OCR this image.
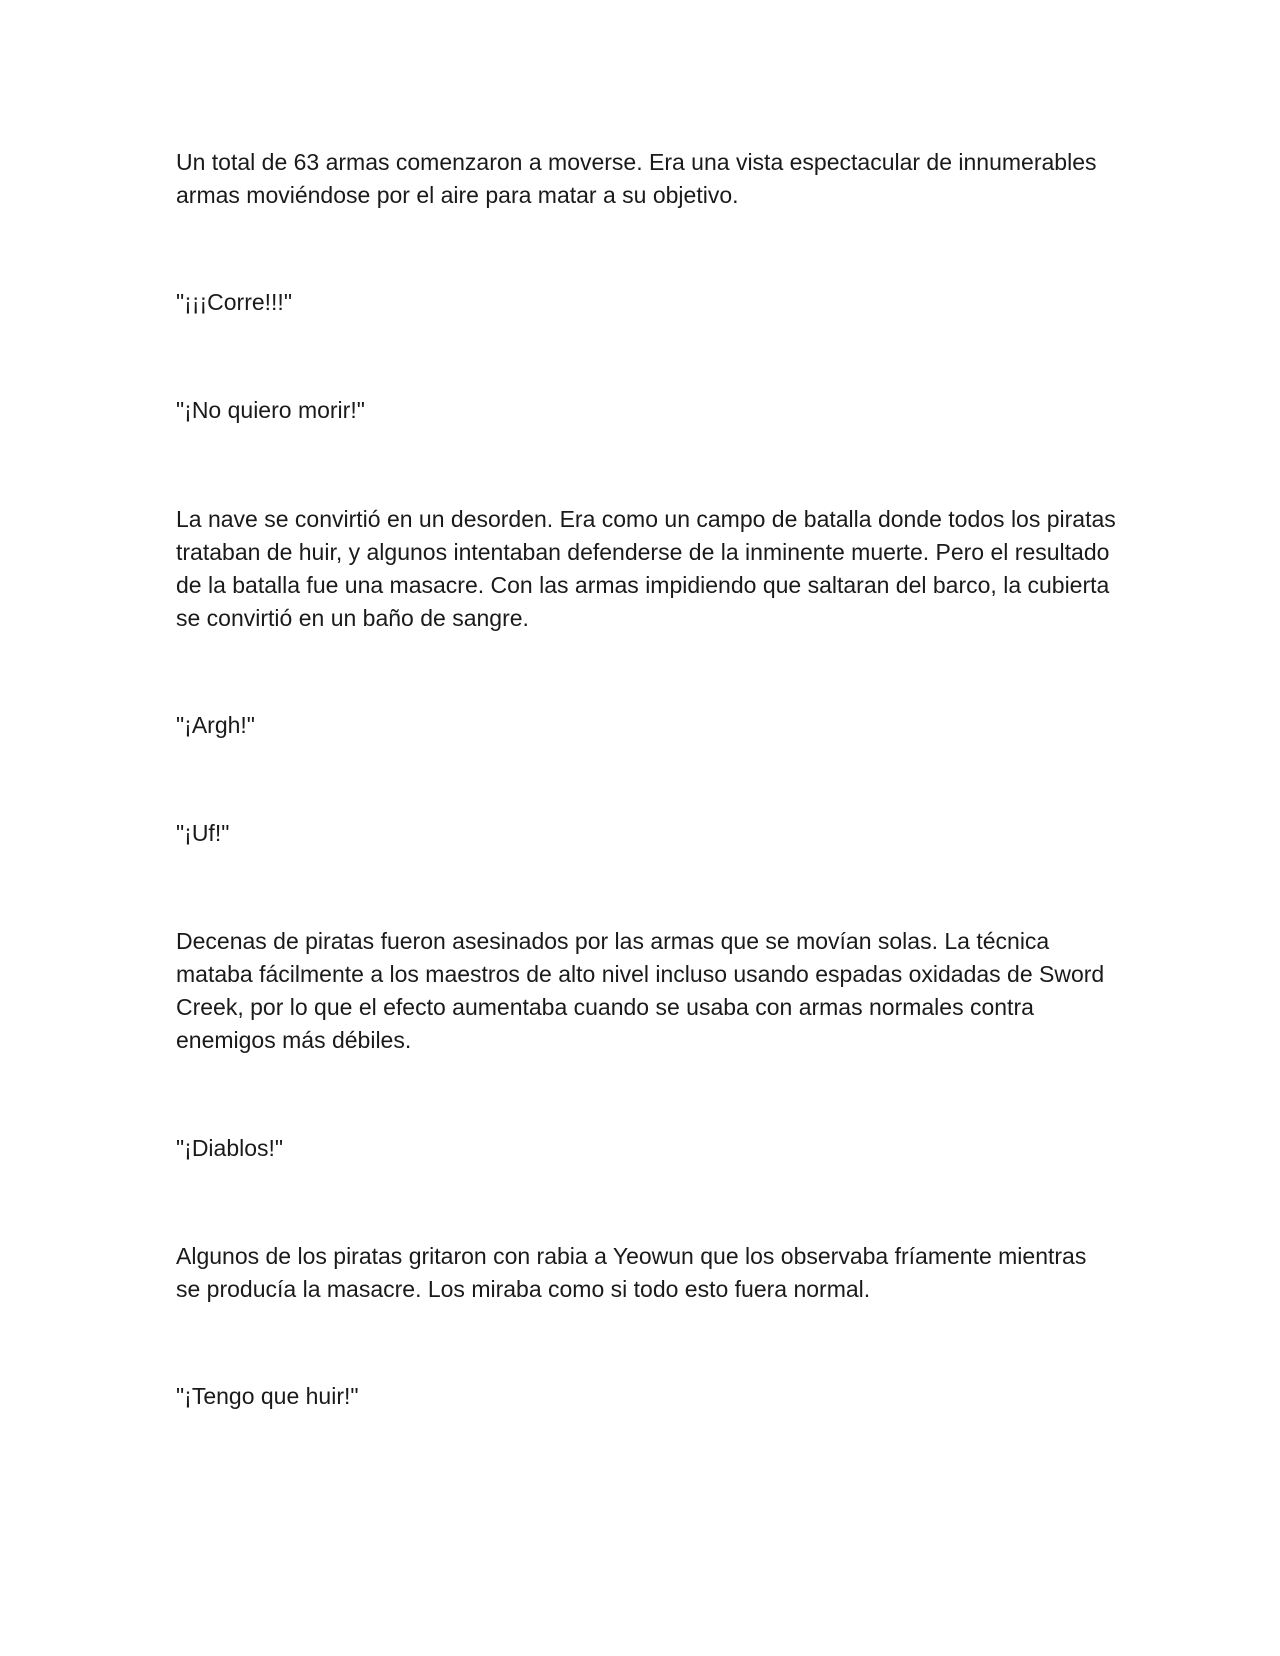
Un total de 63 armas comenzaron a moverse. Era una vista espectacular de innumerables armas moviéndose por el aire para matar a su objetivo.

"¡¡¡Corre!!!"

"¡No quiero morir!"

La nave se convirtió en un desorden. Era como un campo de batalla donde todos los piratas trataban de huir, y algunos intentaban defenderse de la inminente muerte. Pero el resultado de la batalla fue una masacre. Con las armas impidiendo que saltaran del barco, la cubierta se convirtió en un baño de sangre.

"¡Argh!"

"¡Uf!"

Decenas de piratas fueron asesinados por las armas que se movían solas. La técnica mataba fácilmente a los maestros de alto nivel incluso usando espadas oxidadas de Sword Creek, por lo que el efecto aumentaba cuando se usaba con armas normales contra enemigos más débiles.

"¡Diablos!"

Algunos de los piratas gritaron con rabia a Yeowun que los observaba fríamente mientras se producía la masacre. Los miraba como si todo esto fuera normal.

"¡Tengo que huir!"
